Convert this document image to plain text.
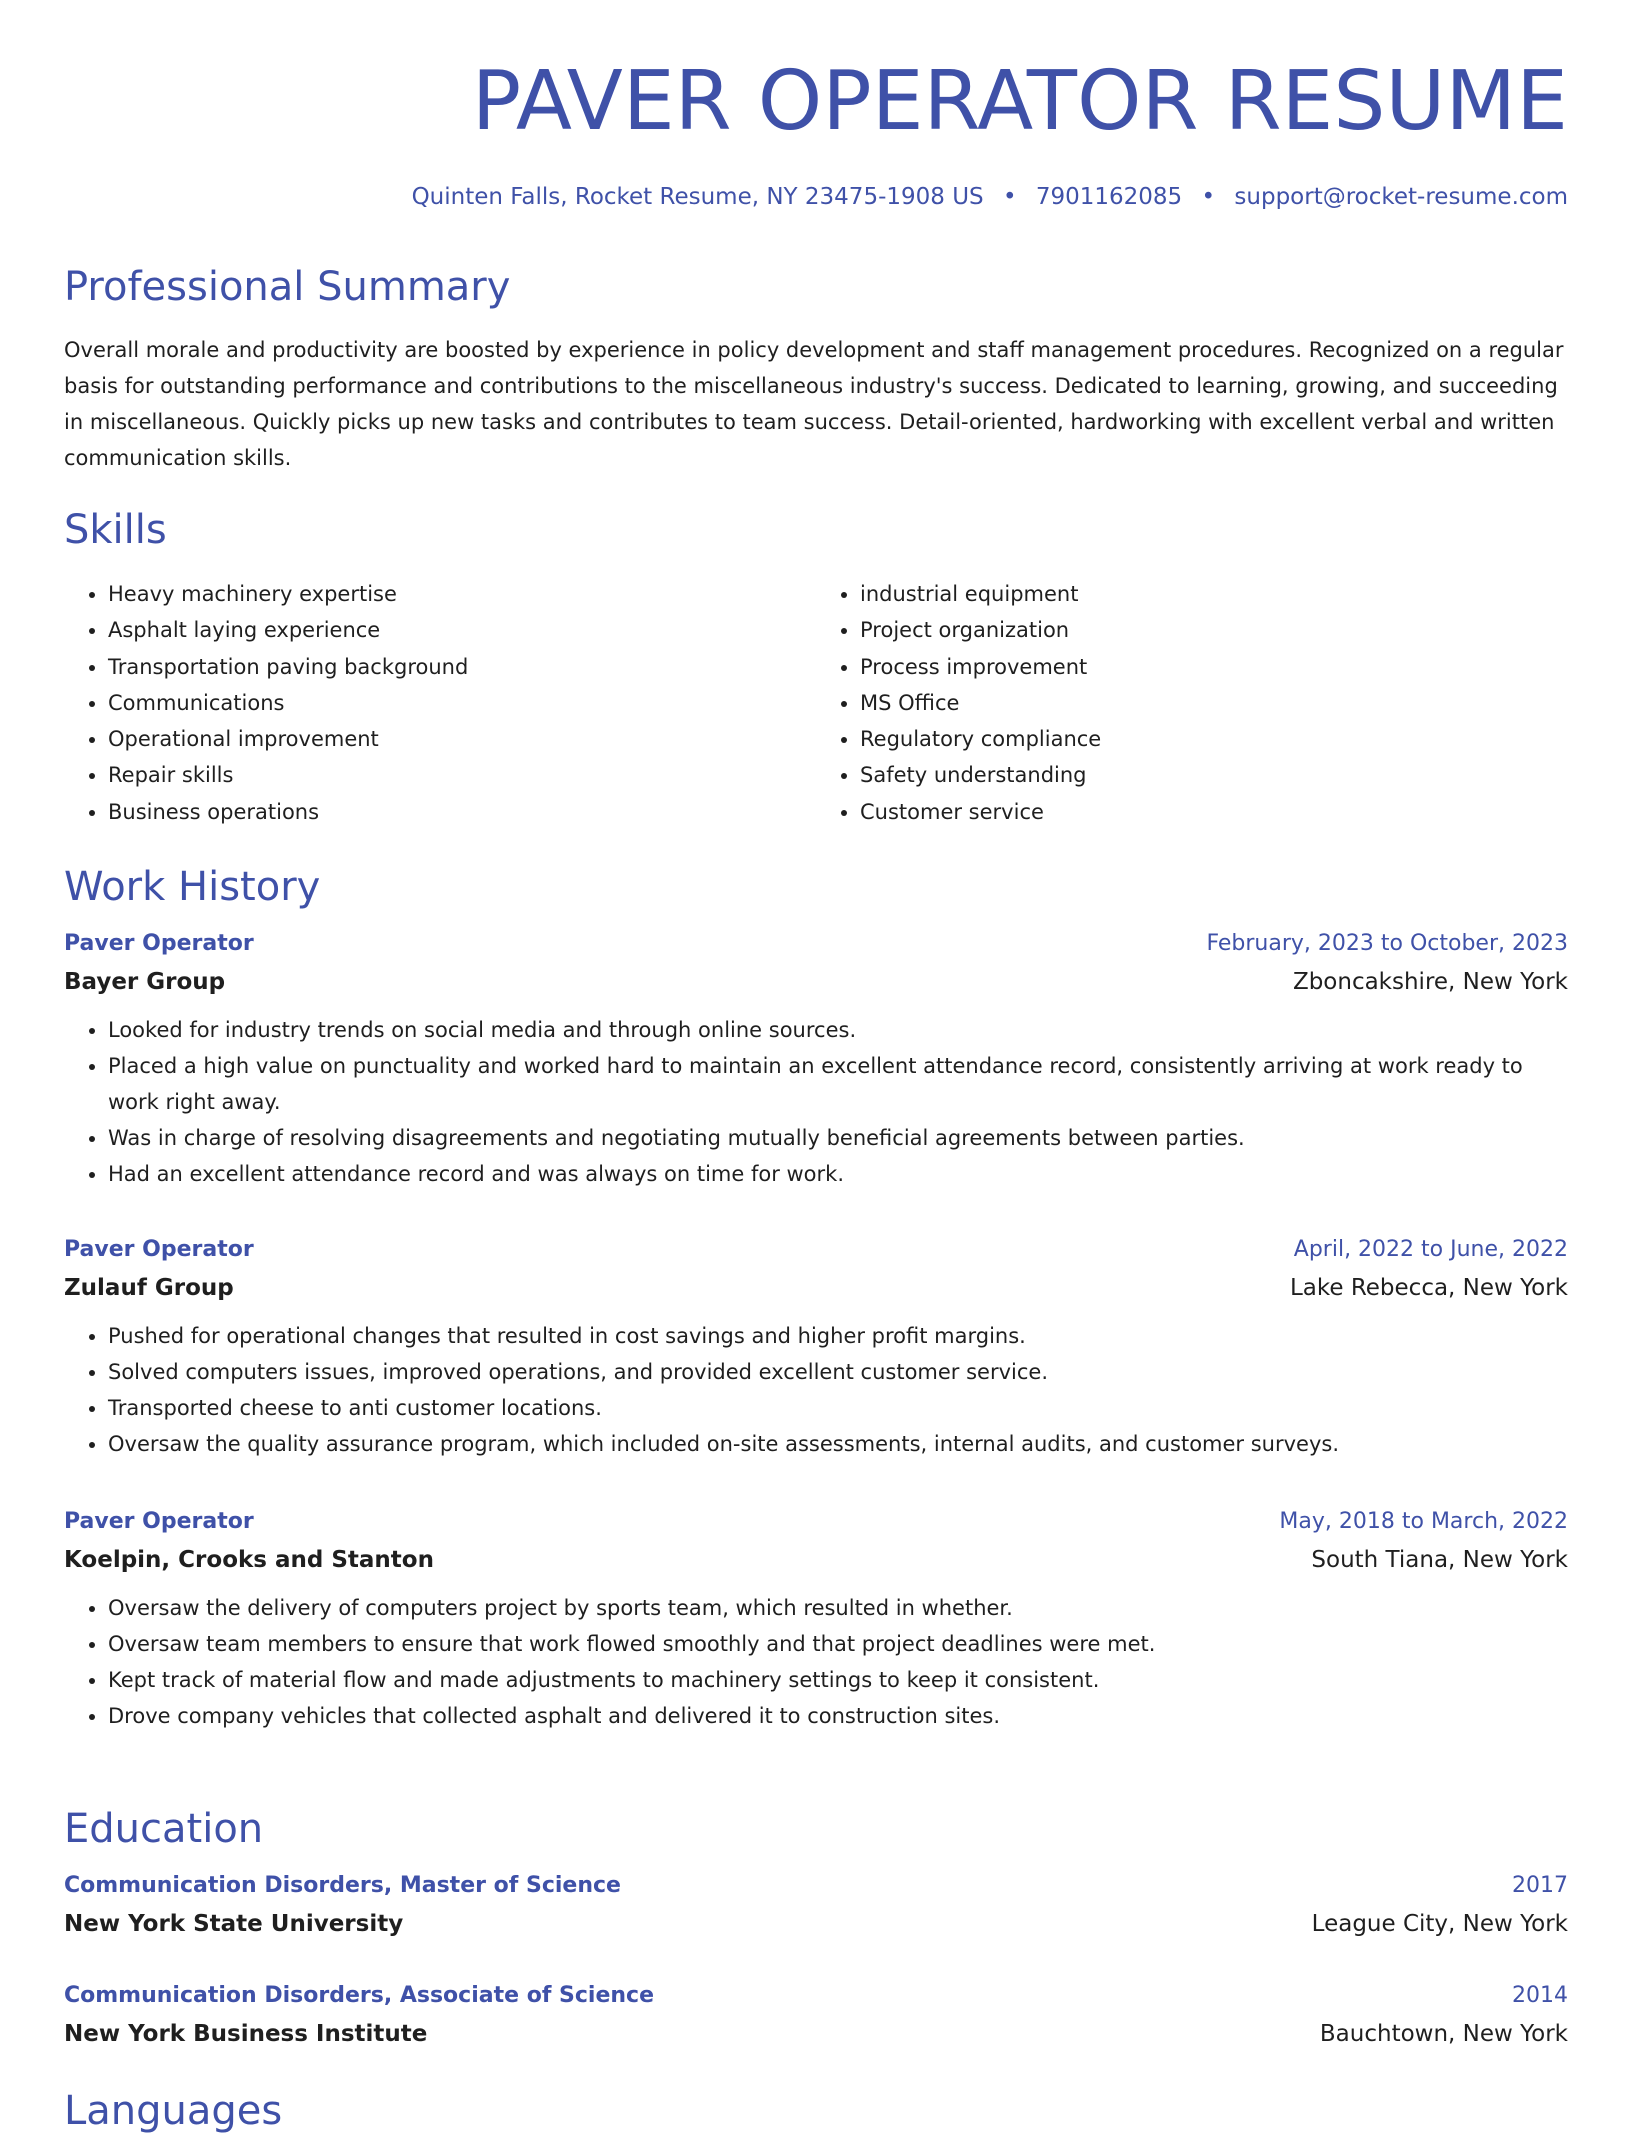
PAVER OPERATOR RESUME
Quinten Falls, Rocket Resume, NY 23475-1908 US • 7901162085 • support@rocket-resume.com
Professional Summary
Overall morale and productivity are boosted by experience in policy development and staff management procedures. Recognized on a regular basis for outstanding performance and contributions to the miscellaneous industry's success. Dedicated to learning, growing, and succeeding in miscellaneous. Quickly picks up new tasks and contributes to team success. Detail-oriented, hardworking with excellent verbal and written communication skills.
Skills
• Heavy machinery expertise
• Asphalt laying experience
• Transportation paving background
• Communications
• Operational improvement
• Repair skills
• Business operations
• industrial equipment
• Project organization
• Process improvement
• MS Office
• Regulatory compliance
• Safety understanding
• Customer service
Work History
Paver Operator	February, 2023 to October, 2023
Bayer Group	Zboncakshire, New York
• Looked for industry trends on social media and through online sources.
• Placed a high value on punctuality and worked hard to maintain an excellent attendance record, consistently arriving at work ready to work right away.
• Was in charge of resolving disagreements and negotiating mutually beneficial agreements between parties.
• Had an excellent attendance record and was always on time for work.
Paver Operator	April, 2022 to June, 2022
Zulauf Group	Lake Rebecca, New York
• Pushed for operational changes that resulted in cost savings and higher profit margins.
• Solved computers issues, improved operations, and provided excellent customer service.
• Transported cheese to anti customer locations.
• Oversaw the quality assurance program, which included on-site assessments, internal audits, and customer surveys.
Paver Operator	May, 2018 to March, 2022
Koelpin, Crooks and Stanton	South Tiana, New York
• Oversaw the delivery of computers project by sports team, which resulted in whether.
• Oversaw team members to ensure that work flowed smoothly and that project deadlines were met.
• Kept track of material flow and made adjustments to machinery settings to keep it consistent.
• Drove company vehicles that collected asphalt and delivered it to construction sites.
Education
Communication Disorders, Master of Science	2017
New York State University	League City, New York
Communication Disorders, Associate of Science	2014
New York Business Institute	Bauchtown, New York
Languages
